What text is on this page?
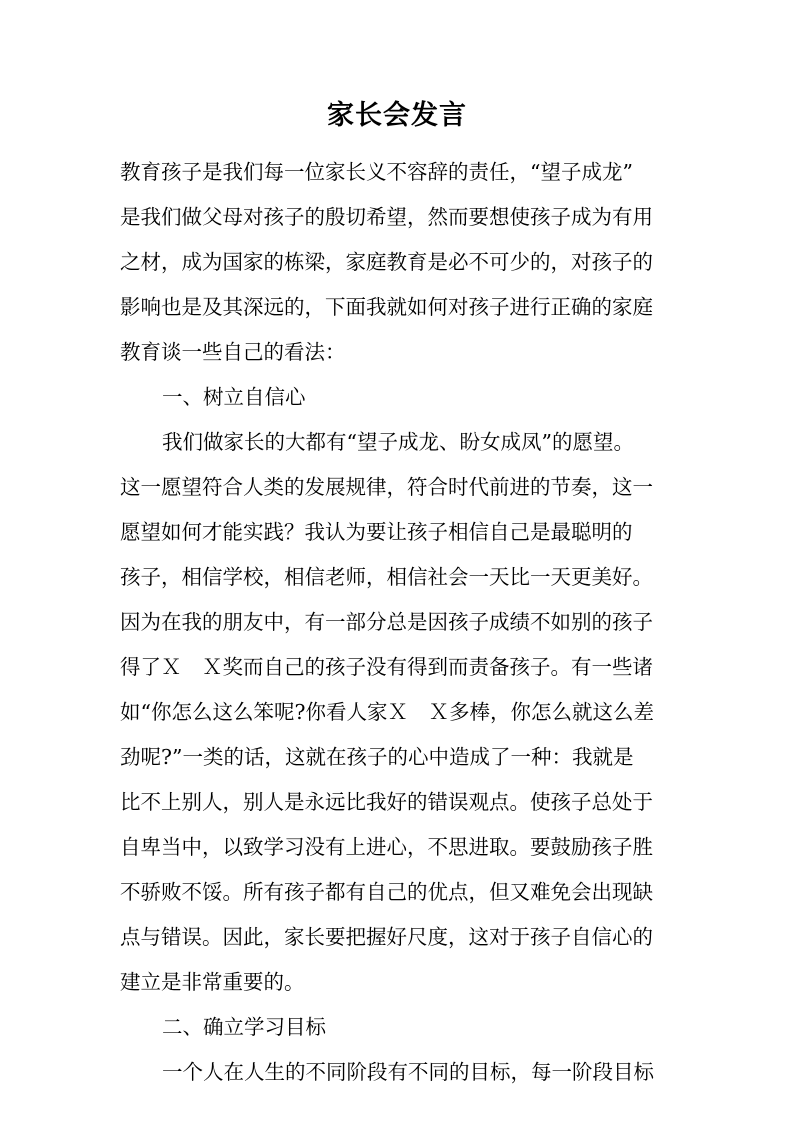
家长会发言
教育孩子是我们每一位家长义不容辞的责任，“望子成龙”
是我们做父母对孩子的殷切希望，然而要想使孩子成为有用
之材，成为国家的栋梁，家庭教育是必不可少的，对孩子的
影响也是及其深远的，下面我就如何对孩子进行正确的家庭
教育谈一些自己的看法：
一、树立自信心
我们做家长的大都有“望子成龙、盼女成凤”的愿望。
这一愿望符合人类的发展规律，符合时代前进的节奏，这一
愿望如何才能实践？我认为要让孩子相信自己是最聪明的
孩子，相信学校，相信老师，相信社会一天比一天更美好。
因为在我的朋友中，有一部分总是因孩子成绩不如别的孩子
得了Ｘ　Ｘ奖而自己的孩子没有得到而责备孩子。有一些诸
如“你怎么这么笨呢?你看人家Ｘ　Ｘ多棒，你怎么就这么差
劲呢?”一类的话，这就在孩子的心中造成了一种：我就是
比不上别人，别人是永远比我好的错误观点。使孩子总处于
自卑当中，以致学习没有上进心，不思进取。要鼓励孩子胜
不骄败不馁。所有孩子都有自己的优点，但又难免会出现缺
点与错误。因此，家长要把握好尺度，这对于孩子自信心的
建立是非常重要的。
二、确立学习目标
一个人在人生的不同阶段有不同的目标，每一阶段目标
